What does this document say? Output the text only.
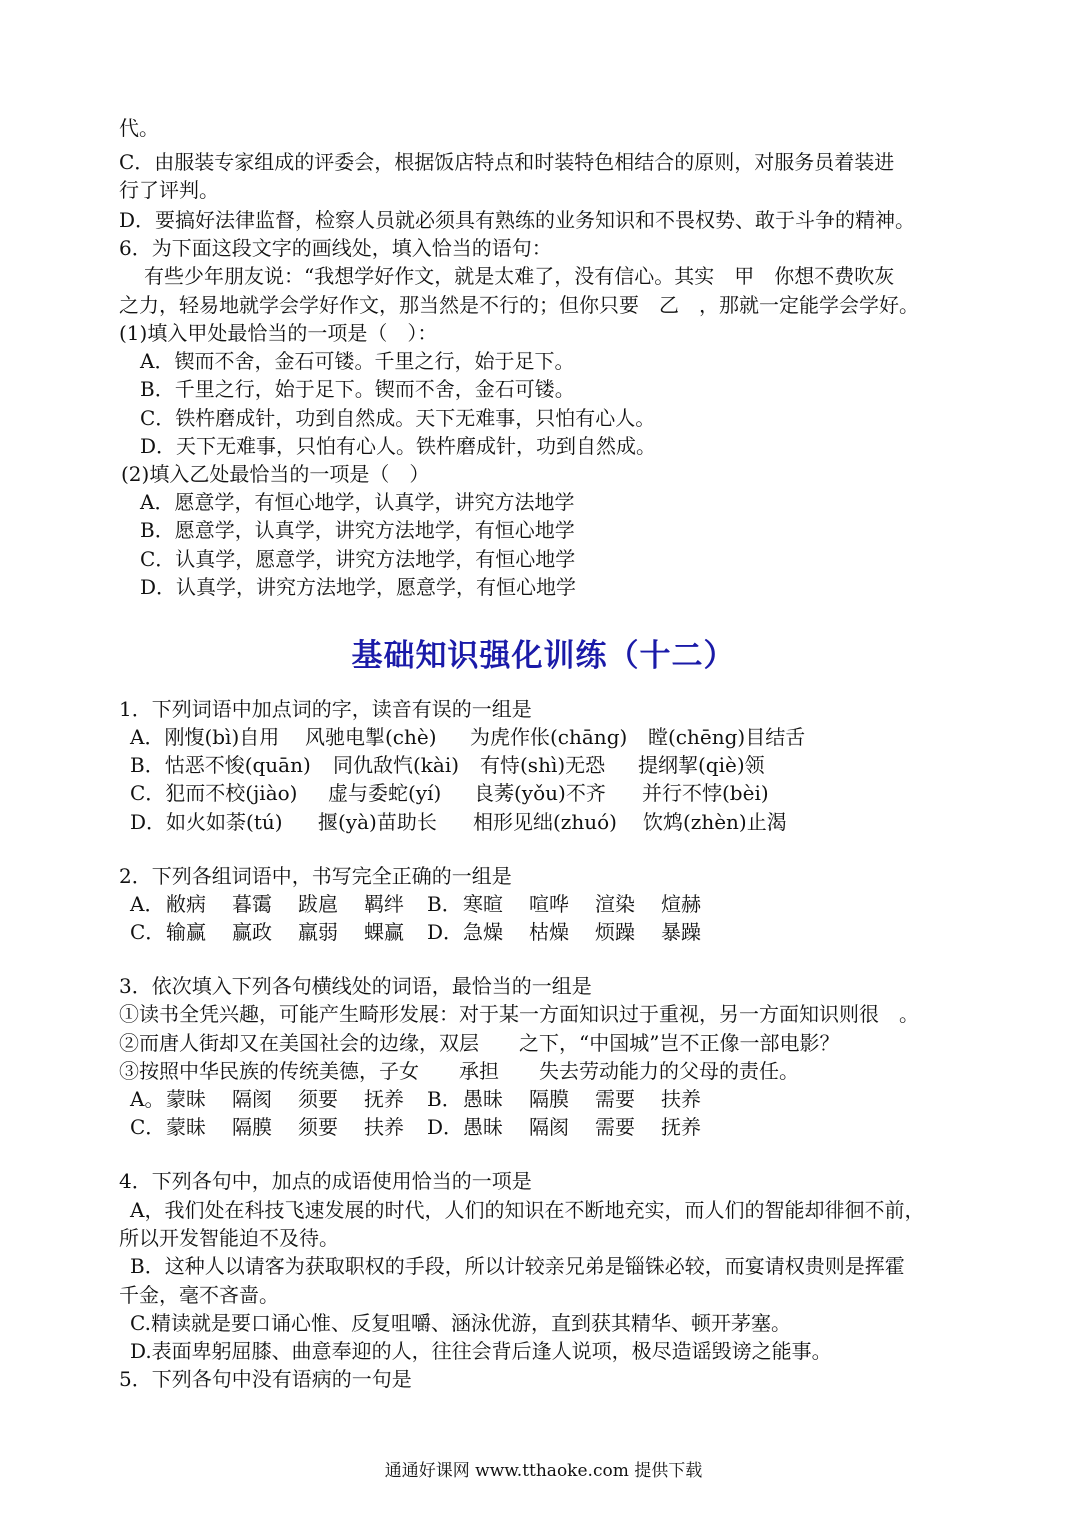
代。
C．由服装专家组成的评委会，根据饭店特点和时装特色相结合的原则，对服务员着装进
行了评判。
D．要搞好法律监督，检察人员就必须具有熟练的业务知识和不畏权势、敢于斗争的精神。
6．为下面这段文字的画线处，填入恰当的语句：
有些少年朋友说：“我想学好作文，就是太难了，没有信心。其实　甲　你想不费吹灰
之力，轻易地就学会学好作文，那当然是不行的；但你只要　乙　，那就一定能学会学好。
(1)填入甲处最恰当的一项是（　）：
A．锲而不舍，金石可镂。千里之行，始于足下。
B．千里之行，始于足下。锲而不舍，金石可镂。
C．铁杵磨成针，功到自然成。天下无难事，只怕有心人。
D．天下无难事，只怕有心人。铁杵磨成针，功到自然成。
(2)填入乙处最恰当的一项是（　）
A．愿意学，有恒心地学，认真学，讲究方法地学
B．愿意学，认真学，讲究方法地学，有恒心地学
C．认真学，愿意学，讲究方法地学，有恒心地学
D．认真学，讲究方法地学，愿意学，有恒心地学
基础知识强化训练（十二）
1．下列词语中加点词的字，读音有误的一组是
A．刚愎(bì)自用 风驰电掣(chè) 为虎作伥(chāng) 瞠(chēng)目结舌
B．怙恶不悛(quān) 同仇敌忾(kài) 有恃(shì)无恐 提纲挈(qiè)领
C．犯而不校(jiào) 虚与委蛇(yí) 良莠(yǒu)不齐 并行不悖(bèi)
D．如火如荼(tú) 揠(yà)苗助长 相形见绌(zhuó) 饮鸩(zhèn)止渴
2．下列各组词语中，书写完全正确的一组是
A．敝病 暮霭 跋扈 羁绊 B．寒暄 喧哗 渲染 煊赫
C．输赢 赢政 羸弱 蜾赢 D．急燥 枯燥 烦躁 暴躁
3．依次填入下列各句横线处的词语，最恰当的一组是
①读书全凭兴趣，可能产生畸形发展：对于某一方面知识过于重视，另一方面知识则很　。
②而唐人街却又在美国社会的边缘，双层　　之下，“中国城”岂不正像一部电影？
③按照中华民族的传统美德，子女　　承担　　失去劳动能力的父母的责任。
A。蒙昧 隔阂 须要 抚养 B．愚昧 隔膜 需要 扶养
C．蒙昧 隔膜 须要 扶养 D．愚昧 隔阂 需要 抚养
4．下列各句中，加点的成语使用恰当的一项是
A，我们处在科技飞速发展的时代，人们的知识在不断地充实，而人们的智能却徘徊不前，
所以开发智能迫不及待。
B．这种人以请客为获取职权的手段，所以计较亲兄弟是锱铢必较，而宴请权贵则是挥霍
千金，毫不吝啬。
C.精读就是要口诵心惟、反复咀嚼、涵泳优游，直到获其精华、顿开茅塞。
D.表面卑躬屈膝、曲意奉迎的人，往往会背后逢人说项，极尽造谣毁谤之能事。
5．下列各句中没有语病的一句是
通通好课网 www.tthaoke.com 提供下载
